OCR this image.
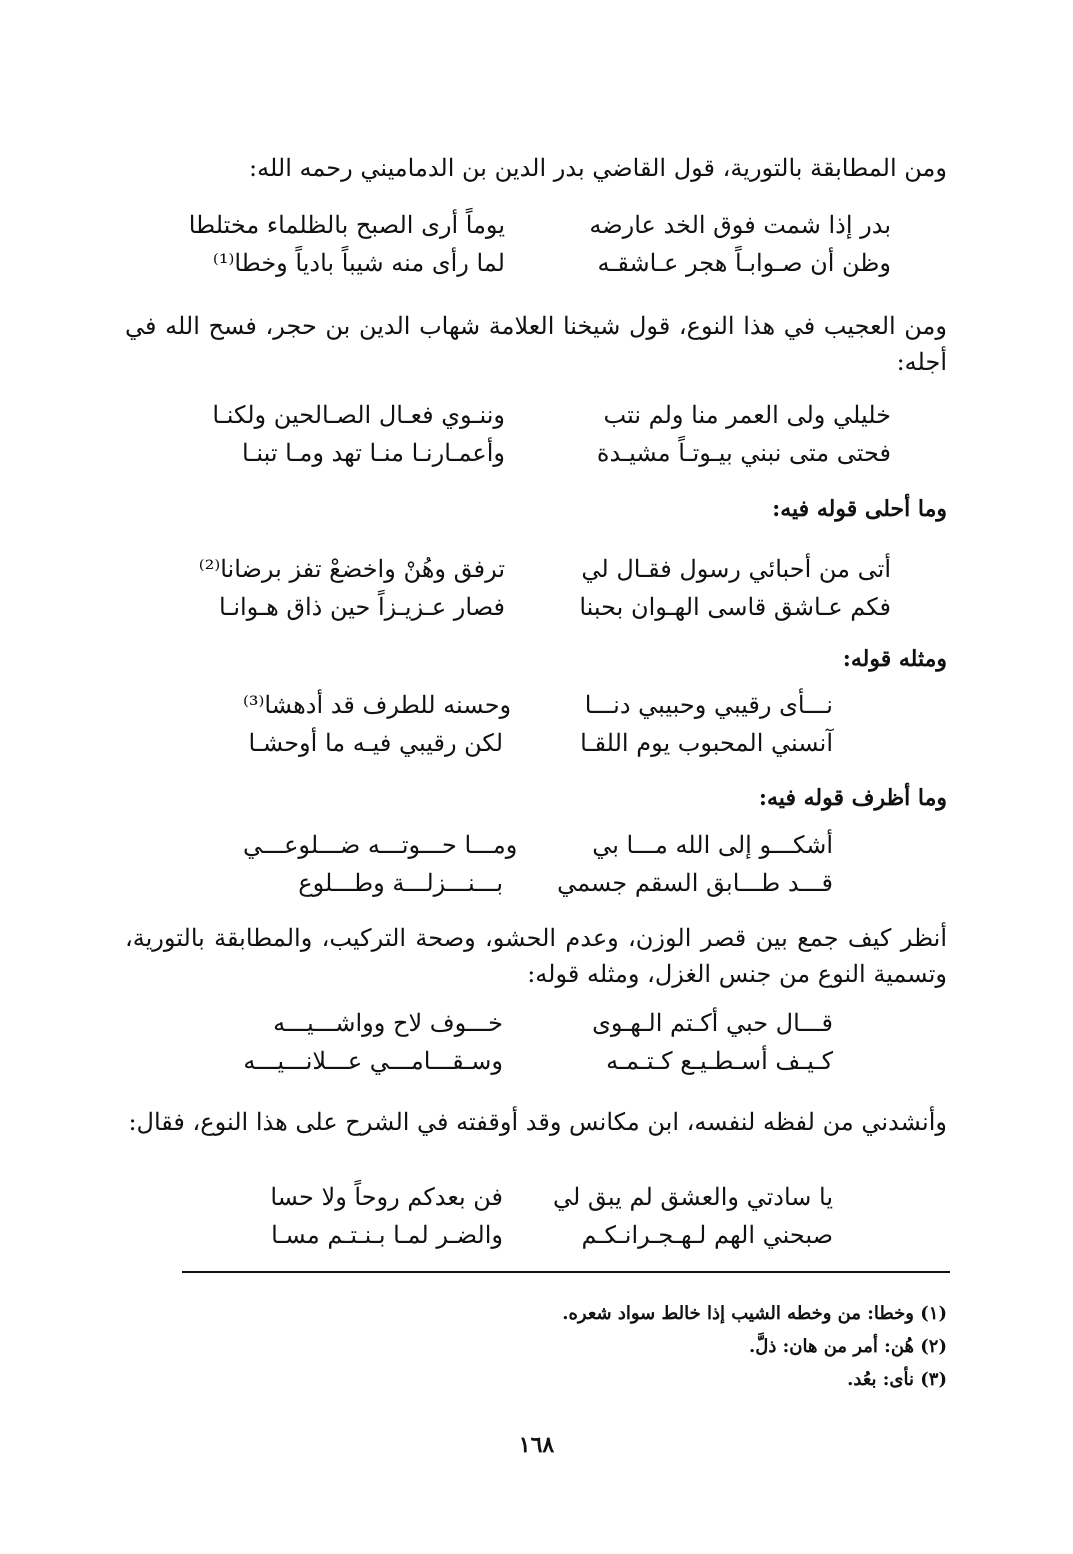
ومن المطابقة بالتورية، قول القاضي بدر الدين بن الدماميني رحمه الله:
بدر إذا شمت فوق الخد عارضه
يوماً أرى الصبح بالظلماء مختلطا
وظن أن صـوابـاً هجر عـاشقـه
لما رأى منه شيباً بادياً وخطا⁽¹⁾
ومن العجيب في هذا النوع، قول شيخنا العلامة شهاب الدين بن حجر، فسح الله في أجله:
خليلي ولى العمر منا ولم نتب
وننـوي فعـال الصـالحين ولكنـا
فحتى متى نبني بيـوتـاً مشيـدة
وأعمـارنـا منـا تهد ومـا تبنـا
وما أحلى قوله فيه:
أتى من أحبائي رسول فقـال لي
ترفق وهُنْ واخضعْ تفز برضانا⁽²⁾
فكم عـاشق قاسى الهـوان بحبنا
فصار عـزيـزاً حين ذاق هـوانـا
ومثله قوله:
نـــأى رقيبي وحبيبي دنـــا
وحسنه للطرف قد أدهشا⁽³⁾
آنسني المحبوب يوم اللقـا
لكن رقيبي فيـه ما أوحشـا
وما أظرف قوله فيه:
أشكـــو إلى الله مـــا بي
ومـــا حـــوتـــه ضـــلوعـــي
قـــد طـــابق السقم جسمي
بـــنـــزلـــة وطـــلوع
أنظر كيف جمع بين قصر الوزن، وعدم الحشو، وصحة التركيب، والمطابقة بالتورية، وتسمية النوع من جنس الغزل، ومثله قوله:
قـــال حبي أكـتم الـهـوى
خـــوف لاح وواشـــيـــه
كـيـف أسـطـيـع كـتـمـه
وسـقـــامـــي عـــلانـــيـــه
وأنشدني من لفظه لنفسه، ابن مكانس وقد أوقفته في الشرح على هذا النوع، فقال:
يا سادتي والعشق لم يبق لي
فن بعدكم روحاً ولا حسا
صبحني الهم لـهـجـرانـكـم
والضـر لمـا بـنـتـم مسـا
(١) وخطا: من وخطه الشيب إذا خالط سواد شعره.
(٢) هُن: أمر من هان: ذلَّ.
(٣) نأى: بعُد.
١٦٨
